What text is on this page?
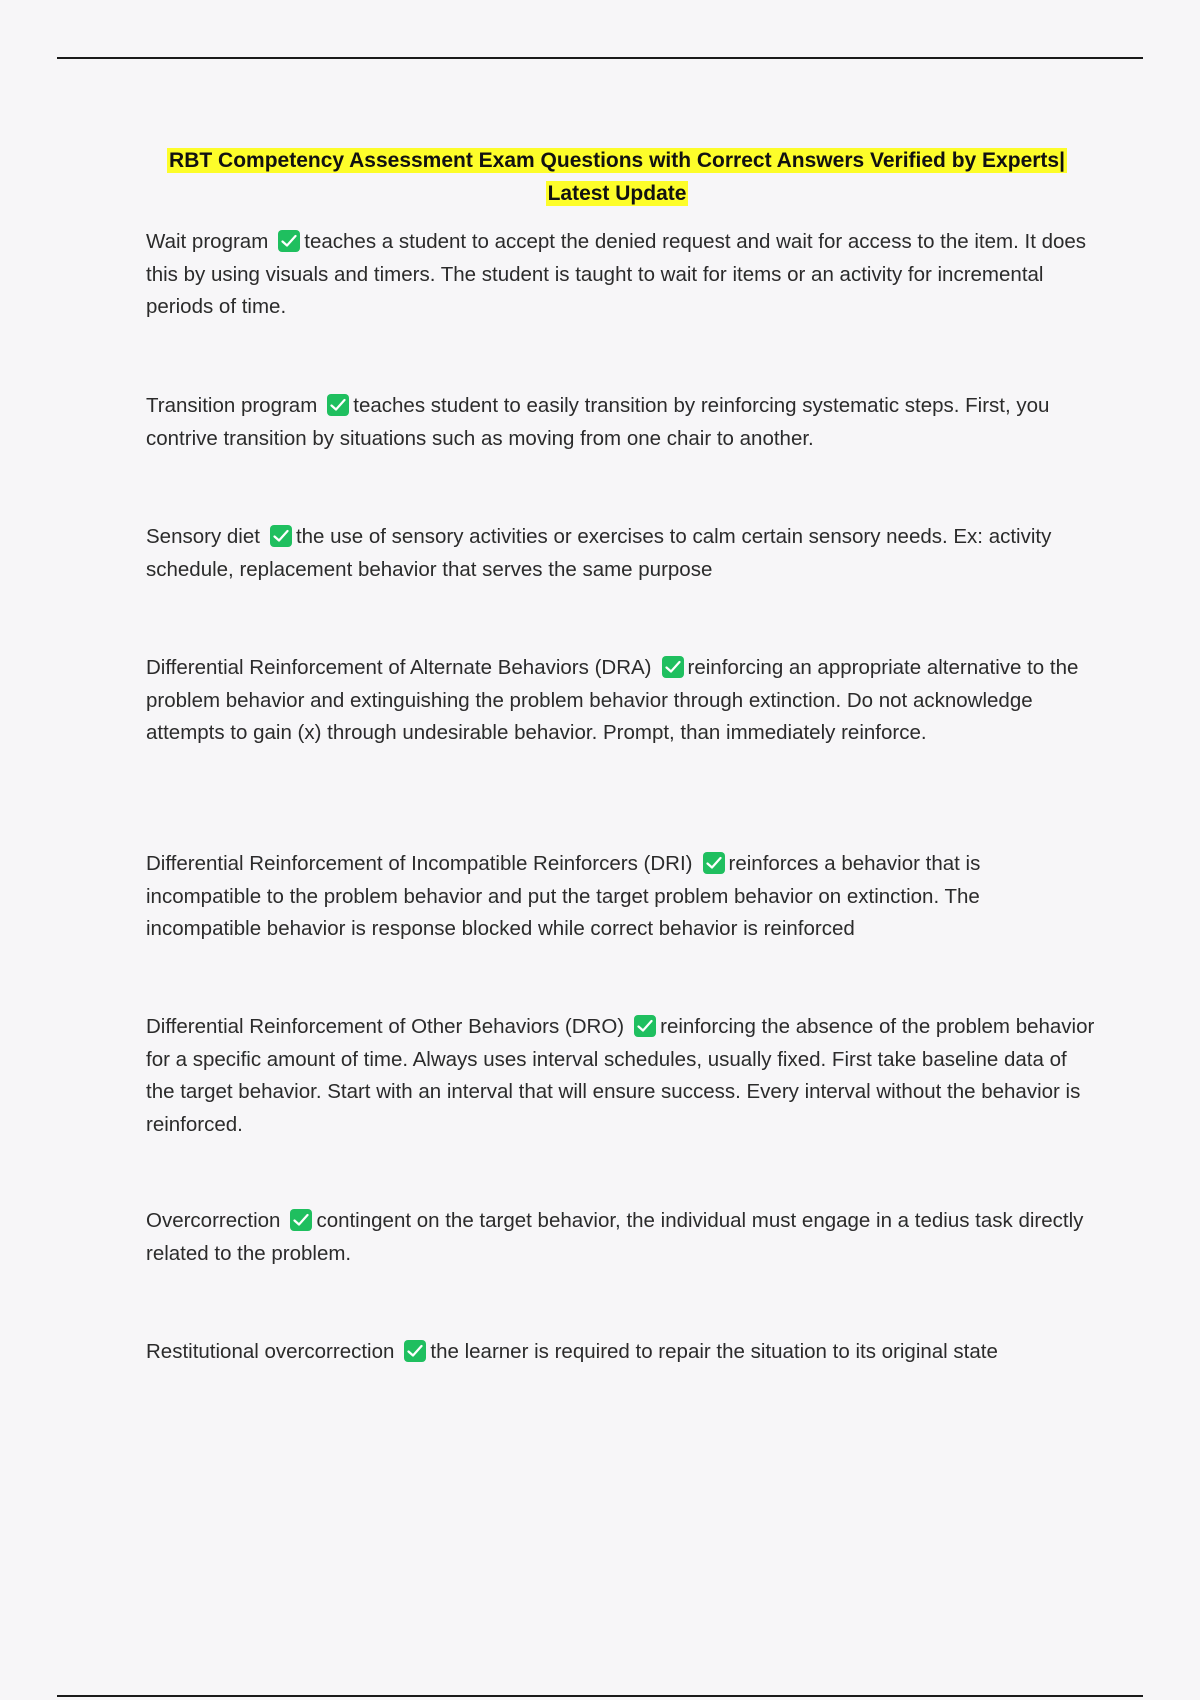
RBT Competency Assessment Exam Questions with Correct Answers Verified by Experts|
Latest Update
Wait program teaches a student to accept the denied request and wait for access to the item. It does this by using visuals and timers. The student is taught to wait for items or an activity for incremental periods of time.
Transition program teaches student to easily transition by reinforcing systematic steps. First, you contrive transition by situations such as moving from one chair to another.
Sensory diet the use of sensory activities or exercises to calm certain sensory needs. Ex: activity schedule, replacement behavior that serves the same purpose
Differential Reinforcement of Alternate Behaviors (DRA) reinforcing an appropriate alternative to the problem behavior and extinguishing the problem behavior through extinction. Do not acknowledge attempts to gain (x) through undesirable behavior. Prompt, than immediately reinforce.
Differential Reinforcement of Incompatible Reinforcers (DRI) reinforces a behavior that is incompatible to the problem behavior and put the target problem behavior on extinction. The incompatible behavior is response blocked while correct behavior is reinforced
Differential Reinforcement of Other Behaviors (DRO) reinforcing the absence of the problem behavior for a specific amount of time. Always uses interval schedules, usually fixed. First take baseline data of the target behavior. Start with an interval that will ensure success. Every interval without the behavior is reinforced.
Overcorrection contingent on the target behavior, the individual must engage in a tedius task directly related to the problem.
Restitutional overcorrection the learner is required to repair the situation to its original state
